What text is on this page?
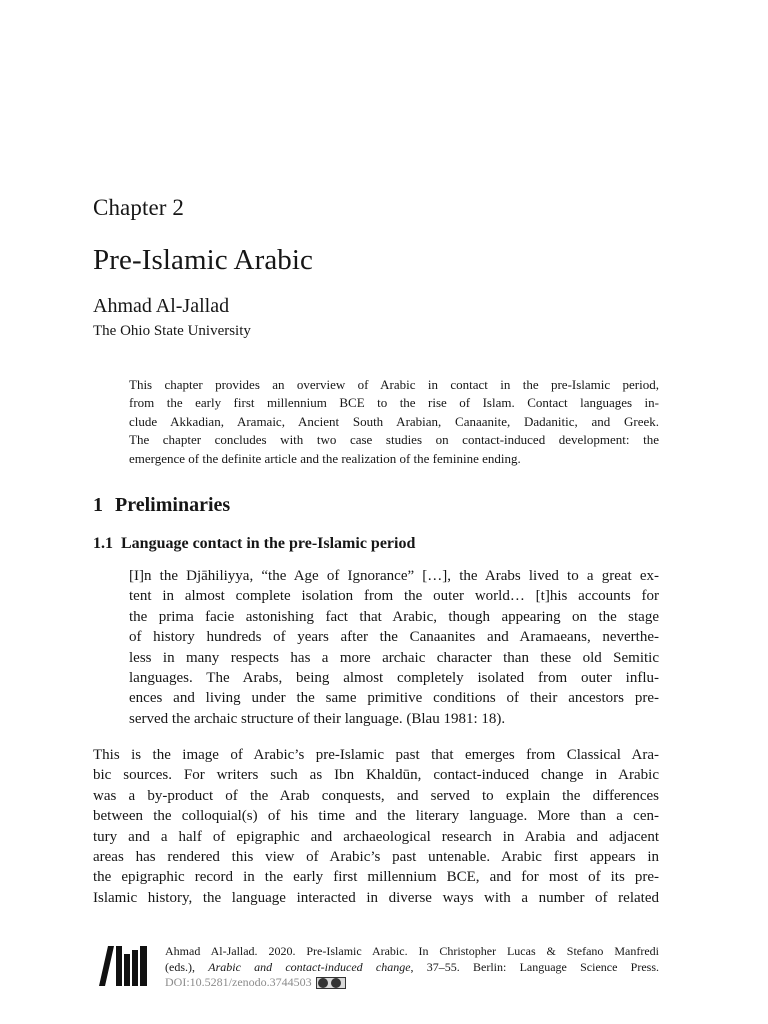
Chapter 2
Pre-Islamic Arabic
Ahmad Al-Jallad
The Ohio State University
This chapter provides an overview of Arabic in contact in the pre-Islamic period,
from the early first millennium BCE to the rise of Islam. Contact languages in-
clude Akkadian, Aramaic, Ancient South Arabian, Canaanite, Dadanitic, and Greek.
The chapter concludes with two case studies on contact-induced development: the
emergence of the definite article and the realization of the feminine ending.
1 Preliminaries
1.1 Language contact in the pre-Islamic period
[I]n the Djāhiliyya, “the Age of Ignorance” […], the Arabs lived to a great ex-
tent in almost complete isolation from the outer world… [t]his accounts for
the prima facie astonishing fact that Arabic, though appearing on the stage
of history hundreds of years after the Canaanites and Aramaeans, neverthe-
less in many respects has a more archaic character than these old Semitic
languages. The Arabs, being almost completely isolated from outer influ-
ences and living under the same primitive conditions of their ancestors pre-
served the archaic structure of their language. (Blau 1981: 18).
This is the image of Arabic’s pre-Islamic past that emerges from Classical Ara-
bic sources. For writers such as Ibn Khaldūn, contact-induced change in Arabic
was a by-product of the Arab conquests, and served to explain the differences
between the colloquial(s) of his time and the literary language. More than a cen-
tury and a half of epigraphic and archaeological research in Arabia and adjacent
areas has rendered this view of Arabic’s past untenable. Arabic first appears in
the epigraphic record in the early first millennium BCE, and for most of its pre-
Islamic history, the language interacted in diverse ways with a number of related
Ahmad Al-Jallad. 2020. Pre-Islamic Arabic. In Christopher Lucas & Stefano Manfredi
(eds.), Arabic and contact-induced change, 37–55. Berlin: Language Science Press.
DOI:10.5281/zenodo.3744503
